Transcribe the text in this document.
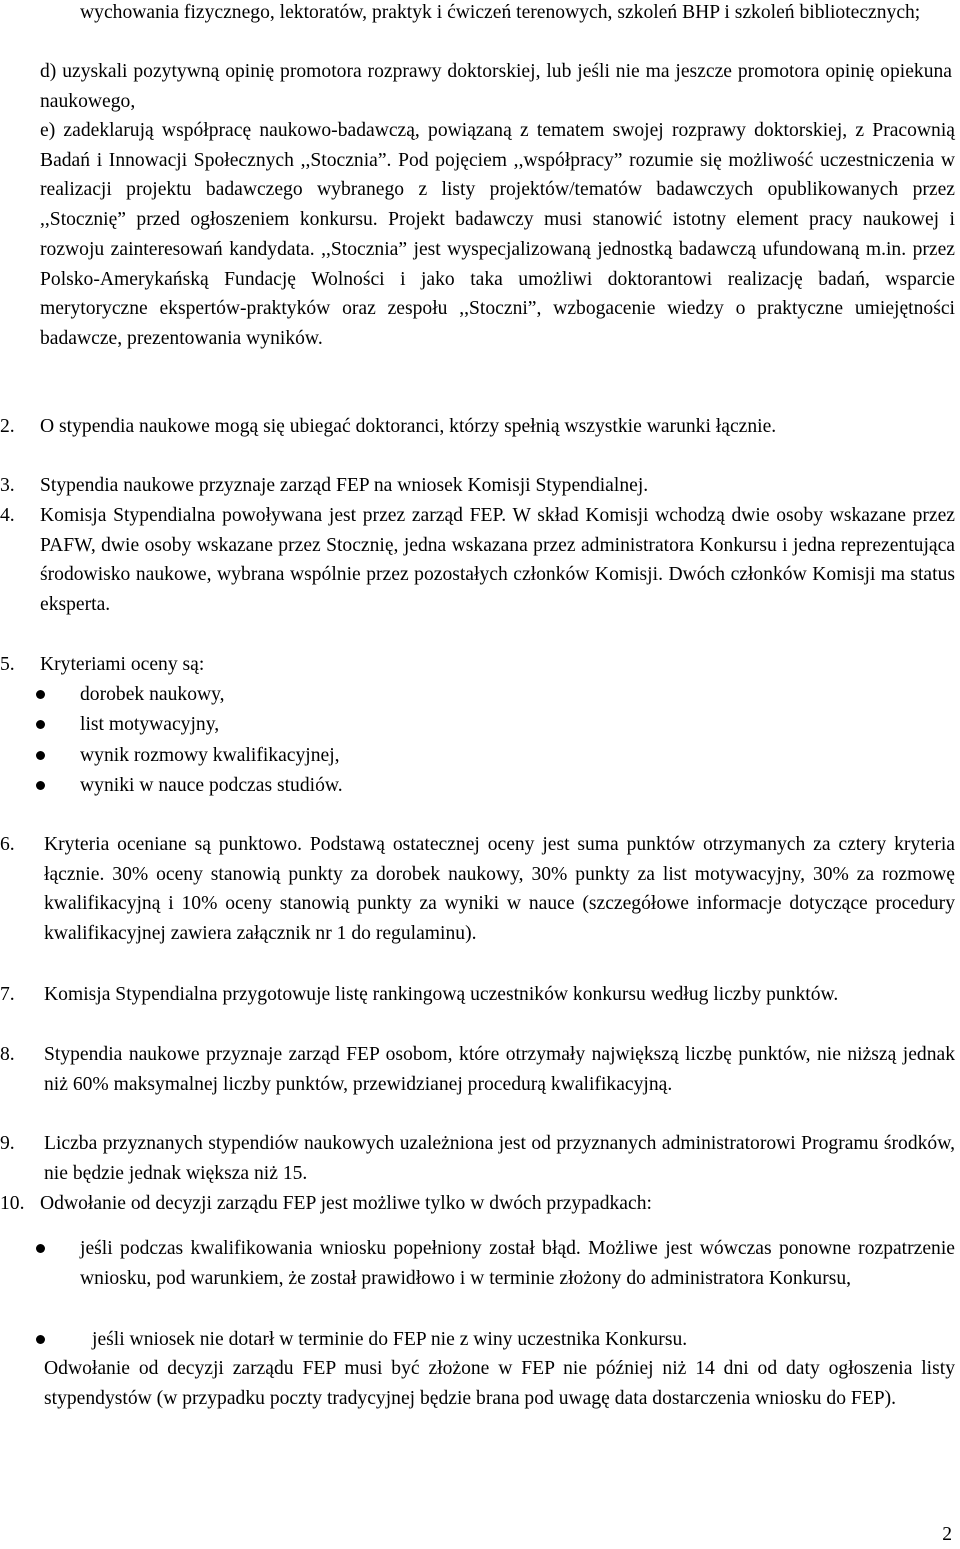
wychowania fizycznego, lektoratów, praktyk i ćwiczeń terenowych, szkoleń BHP i szkoleń bibliotecznych;
d) uzyskali pozytywną opinię promotora rozprawy doktorskiej, lub jeśli nie ma jeszcze promotora opinię opiekuna naukowego,
e) zadeklarują współpracę naukowo-badawczą, powiązaną z tematem swojej rozprawy doktorskiej, z Pracownią Badań i Innowacji Społecznych ,,Stocznia”. Pod pojęciem ,,współpracy” rozumie się możliwość uczestniczenia w realizacji projektu badawczego wybranego z listy projektów/tematów badawczych opublikowanych przez ,,Stocznię” przed ogłoszeniem konkursu. Projekt badawczy musi stanowić istotny element pracy naukowej i rozwoju zainteresowań kandydata. ,,Stocznia” jest wyspecjalizowaną jednostką badawczą ufundowaną m.in. przez Polsko-Amerykańską Fundację Wolności i jako taka umożliwi doktorantowi realizację badań, wsparcie merytoryczne ekspertów-praktyków oraz zespołu ,,Stoczni”, wzbogacenie wiedzy o praktyczne umiejętności badawcze, prezentowania wyników.
2.	O stypendia naukowe mogą się ubiegać doktoranci, którzy spełnią wszystkie warunki łącznie.
3.	Stypendia naukowe przyznaje zarząd FEP na wniosek Komisji Stypendialnej.
4.	Komisja Stypendialna powoływana jest przez zarząd FEP. W skład Komisji wchodzą dwie osoby wskazane przez PAFW, dwie osoby wskazane przez Stocznię, jedna wskazana przez administratora Konkursu i jedna reprezentująca środowisko naukowe, wybrana wspólnie przez pozostałych członków Komisji. Dwóch członków Komisji ma status eksperta.
5.	Kryteriami oceny są:
dorobek naukowy,
list motywacyjny,
wynik rozmowy kwalifikacyjnej,
wyniki w nauce podczas studiów.
6.	Kryteria oceniane są punktowo. Podstawą ostatecznej oceny jest suma punktów otrzymanych za cztery kryteria łącznie. 30% oceny stanowią punkty za dorobek naukowy, 30% punkty za list motywacyjny, 30% za rozmowę kwalifikacyjną i 10% oceny stanowią punkty za wyniki w nauce (szczegółowe informacje dotyczące procedury kwalifikacyjnej zawiera załącznik nr 1 do regulaminu).
7.	Komisja Stypendialna przygotowuje listę rankingową uczestników konkursu według liczby punktów.
8.	Stypendia naukowe przyznaje zarząd FEP osobom, które otrzymały największą liczbę punktów, nie niższą jednak niż 60% maksymalnej liczby punktów, przewidzianej procedurą kwalifikacyjną.
9.	Liczba przyznanych stypendiów naukowych uzależniona jest od przyznanych administratorowi Programu środków, nie będzie jednak większa niż 15.
10. Odwołanie od decyzji zarządu FEP jest możliwe tylko w dwóch przypadkach:
jeśli podczas kwalifikowania wniosku popełniony został błąd. Możliwe jest wówczas ponowne rozpatrzenie wniosku, pod warunkiem, że został prawidłowo i w terminie złożony do administratora Konkursu,
jeśli wniosek nie dotarł w terminie do FEP nie z winy uczestnika Konkursu.
Odwołanie od decyzji zarządu FEP musi być złożone w FEP nie później niż 14 dni od daty ogłoszenia listy stypendystów (w przypadku poczty tradycyjnej będzie brana pod uwagę data dostarczenia wniosku do FEP).
2
